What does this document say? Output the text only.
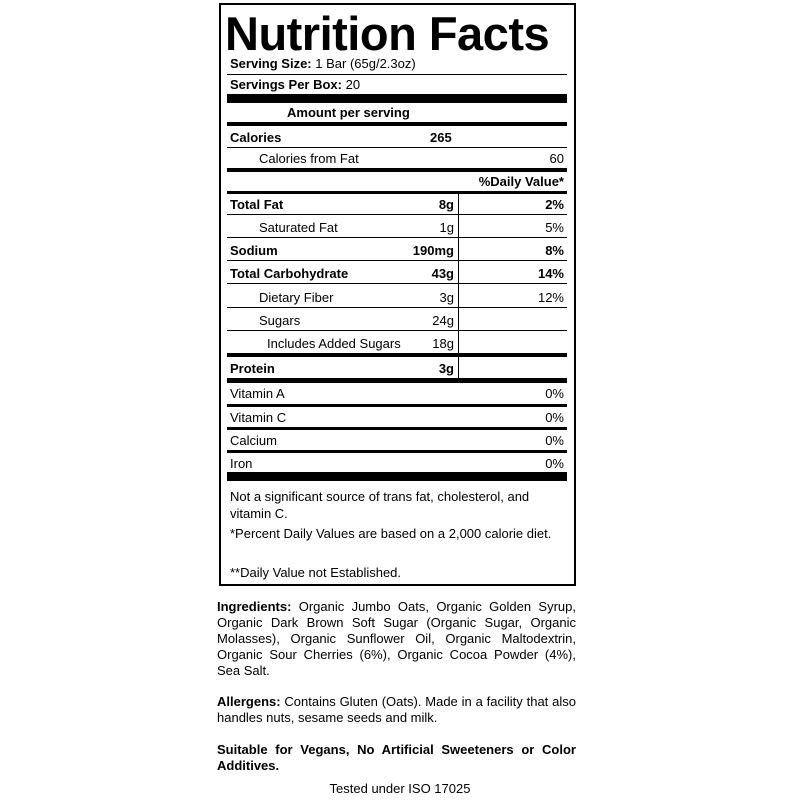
Nutrition Facts
Serving Size: 1 Bar (65g/2.3oz)
Servings Per Box: 20
Amount per serving
Calories	265
Calories from Fat	60
%Daily Value*
Total Fat	8g	2%
Saturated Fat	1g	5%
Sodium	190mg	8%
Total Carbohydrate	43g	14%
Dietary Fiber	3g	12%
Sugars	24g
Includes Added Sugars 18g
Protein	3g
Vitamin A	0%
Vitamin C	0%
Calcium	0%
Iron	0%
Not a significant source of trans fat, cholesterol, and vitamin C.
*Percent Daily Values are based on a 2,000 calorie diet.
**Daily Value not Established.
Ingredients: Organic Jumbo Oats, Organic Golden Syrup, Organic Dark Brown Soft Sugar (Organic Sugar, Organic Molasses), Organic Sunflower Oil, Organic Maltodextrin, Organic Sour Cherries (6%), Organic Cocoa Powder (4%), Sea Salt.
Allergens: Contains Gluten (Oats). Made in a facility that also handles nuts, sesame seeds and milk.
Suitable for Vegans, No Artificial Sweeteners or Color Additives.
Tested under ISO 17025
